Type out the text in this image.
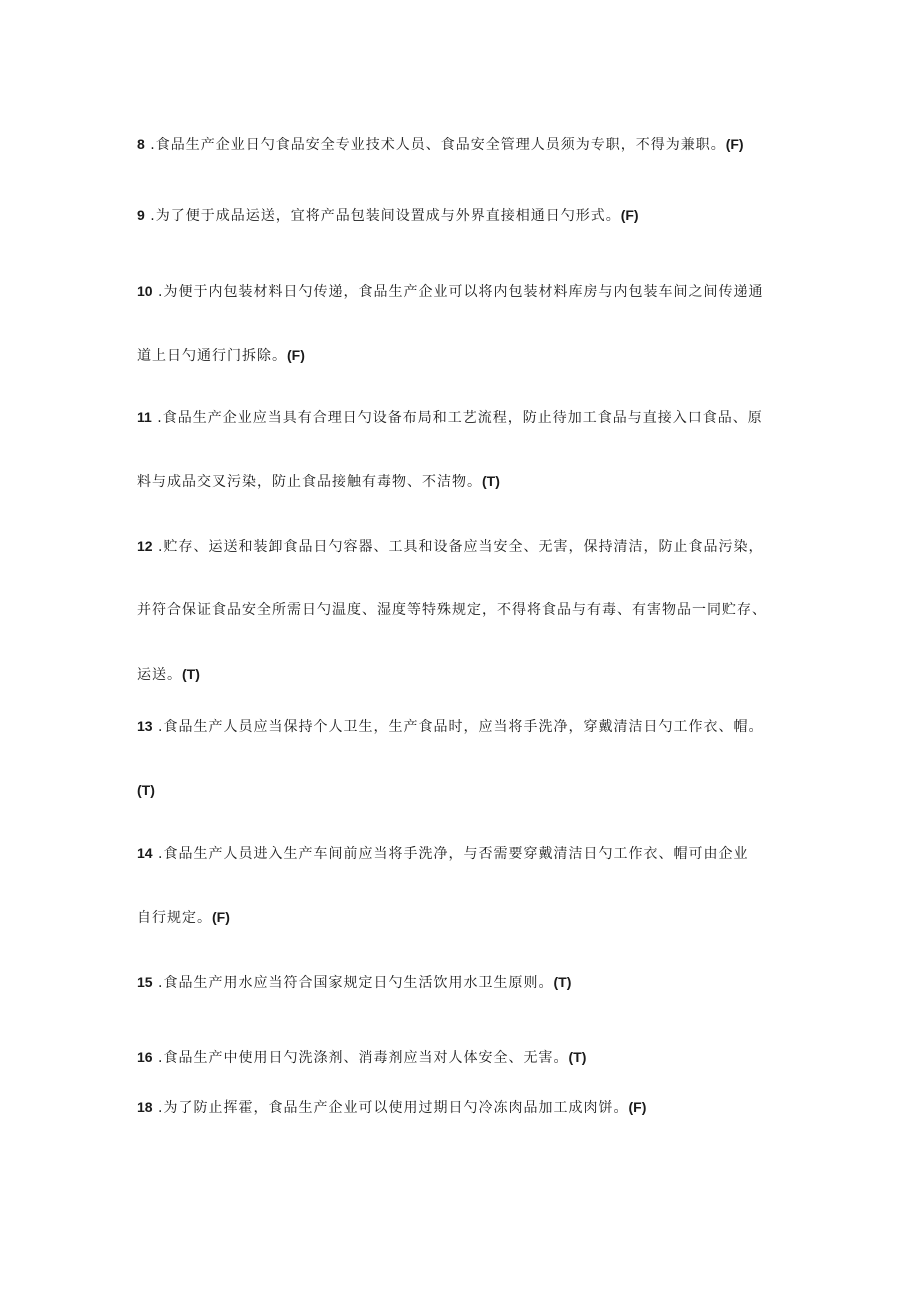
8 .食品生产企业日勺食品安全专业技术人员、食品安全管理人员须为专职，不得为兼职。(F)
9 .为了便于成品运送，宜将产品包装间设置成与外界直接相通日勺形式。(F)
10 .为便于内包装材料日勺传递，食品生产企业可以将内包装材料库房与内包装车间之间传递通
道上日勺通行门拆除。(F)
11 .食品生产企业应当具有合理日勺设备布局和工艺流程，防止待加工食品与直接入口食品、原
料与成品交叉污染，防止食品接触有毒物、不洁物。(T)
12 .贮存、运送和装卸食品日勺容器、工具和设备应当安全、无害，保持清洁，防止食品污染，
并符合保证食品安全所需日勺温度、湿度等特殊规定，不得将食品与有毒、有害物品一同贮存、
运送。(T)
13 .食品生产人员应当保持个人卫生，生产食品时，应当将手洗净，穿戴清洁日勺工作衣、帽。
(T)
14 .食品生产人员进入生产车间前应当将手洗净，与否需要穿戴清洁日勺工作衣、帽可由企业
自行规定。(F)
15 .食品生产用水应当符合国家规定日勺生活饮用水卫生原则。(T)
16 .食品生产中使用日勺洗涤剂、消毒剂应当对人体安全、无害。(T)
18 .为了防止挥霍，食品生产企业可以使用过期日勺冷冻肉品加工成肉饼。(F)
